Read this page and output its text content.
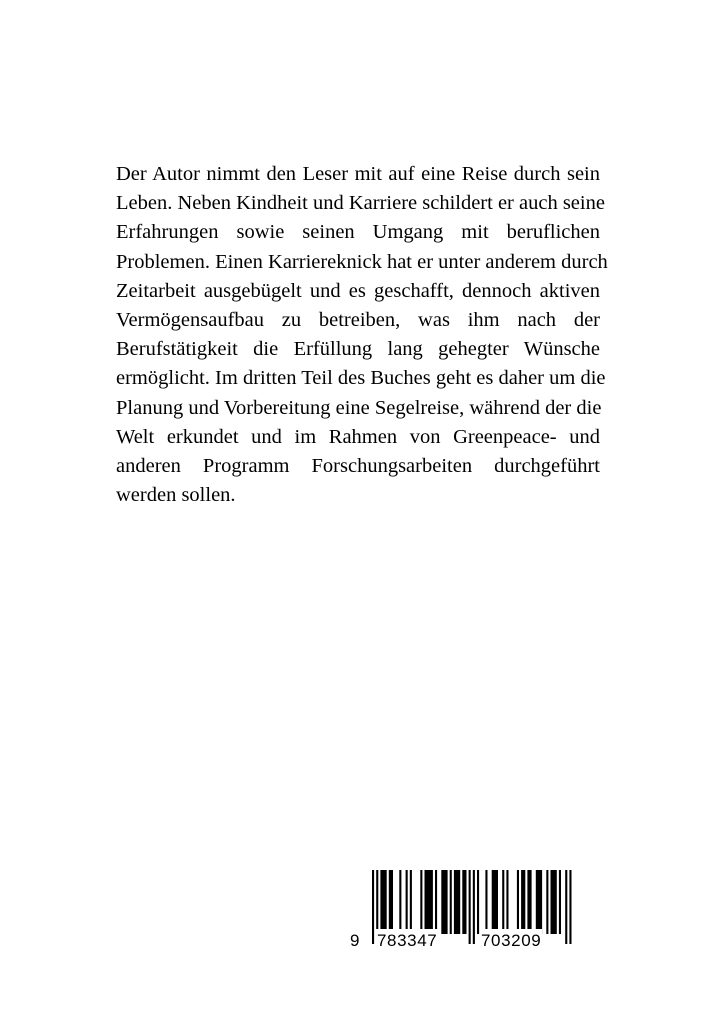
Der Autor nimmt den Leser mit auf eine Reise durch sein
Leben. Neben Kindheit und Karriere schildert er auch seine
Erfahrungen sowie seinen Umgang mit beruflichen
Problemen. Einen Karriereknick hat er unter anderem durch
Zeitarbeit ausgebügelt und es geschafft, dennoch aktiven
Vermögensaufbau zu betreiben, was ihm nach der
Berufstätigkeit die Erfüllung lang gehegter Wünsche
ermöglicht. Im dritten Teil des Buches geht es daher um die
Planung und Vorbereitung eine Segelreise, während der die
Welt erkundet und im Rahmen von Greenpeace- und
anderen Programm Forschungsarbeiten durchgeführt
werden sollen.
9 783347	703209
